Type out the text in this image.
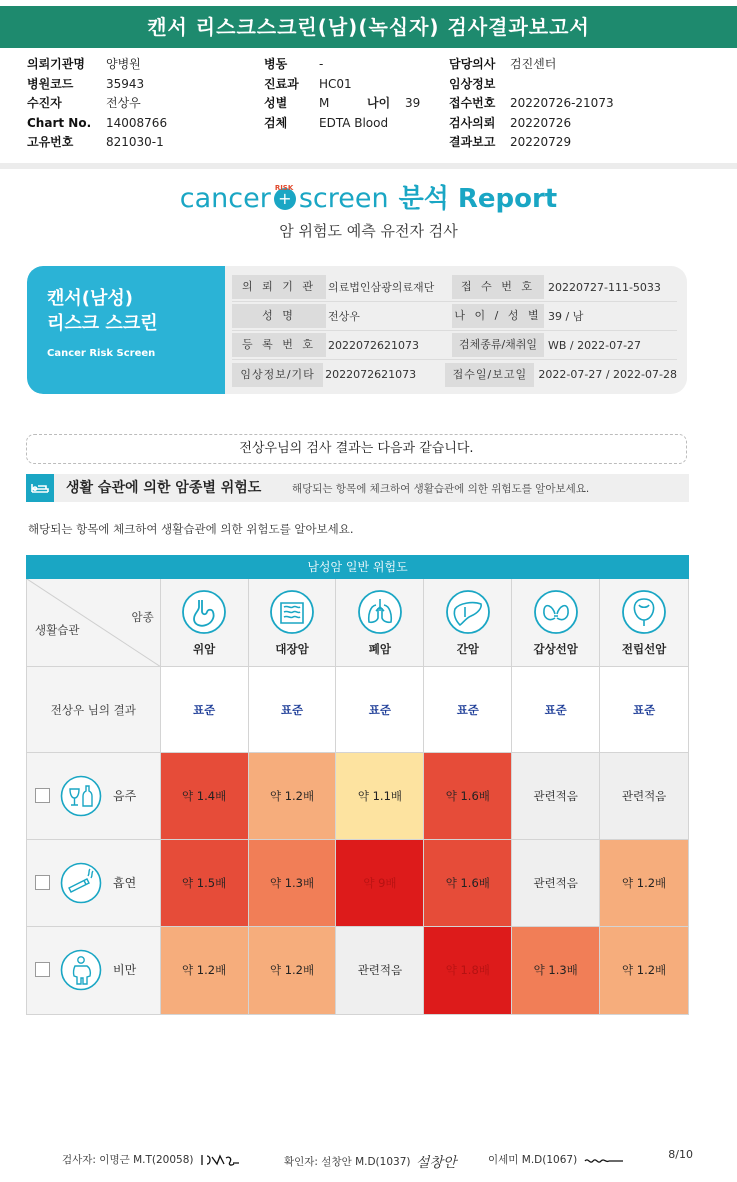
캔서 리스크스크린(남)(녹십자) 검사결과보고서
의뢰기관명 양병원
병원코드	35943
수진자	전상우
Chart No. 14008766
고유번호	821030-1
병동	-
진료과 HC01
성별	M	나이 39
검체	EDTA Blood
담당의사 검진센터
임상정보
접수번호 20220726-21073
검사의뢰 20220726
결과보고 20220729
cancer RISK
+ screen 분석 Report
암 위험도 예측 유전자 검사
캔서(남성)
리스크 스크린
Cancer Risk Screen
의 뢰 기 관	의료법인삼광의료재단	접 수 번 호	20220727-111-5033
성 명	전상우	나 이 / 성 별 39 / 남
등 록 번 호	2022072621073	검체종류/채취일 WB / 2022-07-27
임상정보/기타 2022072621073	접수일/보고일	2022-07-27 / 2022-07-28
전상우님의 검사 결과는 다음과 같습니다.
생활 습관에 의한 암종별 위험도	해당되는 항목에 체크하여 생활습관에 의한 위험도를 알아보세요.
해당되는 항목에 체크하여 생활습관에 의한 위험도를 알아보세요.
남성암 일반 위험도
암종
생활습관
위암	대장암	폐암	간암	갑상선암	전립선암
전상우 님의 결과	표준	표준	표준	표준	표준	표준
음주	약 1.4배	약 1.2배	약 1.1배	약 1.6배	관련적음	관련적음
흡연	약 1.5배	약 1.3배	약 9배	약 1.6배	관련적음	약 1.2배
비만	약 1.2배	약 1.2배	관련적음	약 1.8배	약 1.3배	약 1.2배
검사자: 이명근 M.T(20058)	확인자: 설창안 M.D(1037) 설창안	이세미 M.D(1067)	8/10
